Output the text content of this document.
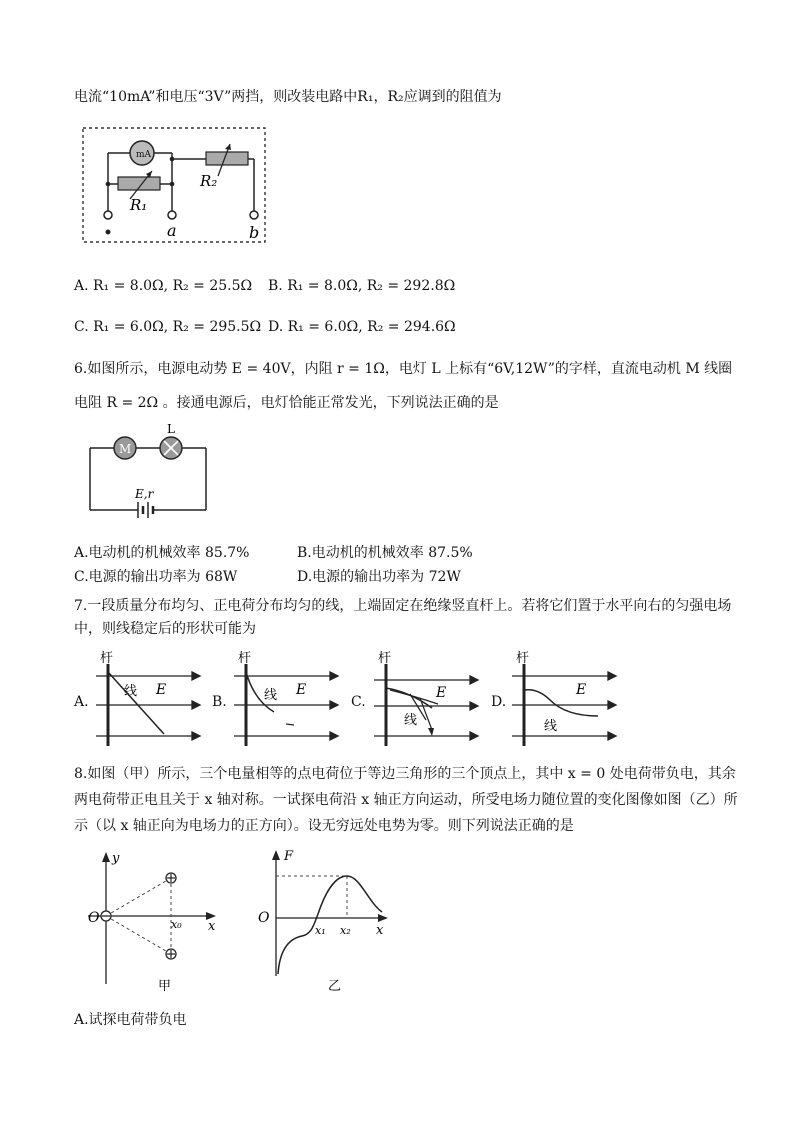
电流“10mA”和电压“3V”两挡，则改装电路中R₁，R₂应调到的阻值为
mA
R₁
R₂
a	b
A. R₁ = 8.0Ω, R₂ = 25.5Ω B. R₁ = 8.0Ω, R₂ = 292.8Ω
C. R₁ = 6.0Ω, R₂ = 295.5Ω D. R₁ = 6.0Ω, R₂ = 294.6Ω
6.如图所示，电源电动势 E = 40V，内阻 r = 1Ω，电灯 L 上标有“6V,12W”的字样，直流电动机 M 线圈
电阻 R = 2Ω 。接通电源后，电灯恰能正常发光，下列说法正确的是
M
L
E,r
A.电动机的机械效率 85.7%	B.电动机的机械效率 87.5%
C.电源的输出功率为 68W	D.电源的输出功率为 72W
7.一段质量分布均匀、正电荷分布均匀的线，上端固定在绝缘竖直杆上。若将它们置于水平向右的匀强电场
中，则线稳定后的形状可能为
A.	B.	C.	D.
杆
线 E
杆
线 E
杆
线
E
杆
线
E
8.如图（甲）所示，三个电量相等的点电荷位于等边三角形的三个顶点上，其中 x = 0 处电荷带负电，其余
两电荷带正电且关于 x 轴对称。一试探电荷沿 x 轴正方向运动，所受电场力随位置的变化图像如图（乙）所
示（以 x 轴正向为电场力的正方向）。设无穷远处电势为零。则下列说法正确的是
y
O	x₀ x
甲
F
O
x₁ x₂ x
乙
A.试探电荷带负电
